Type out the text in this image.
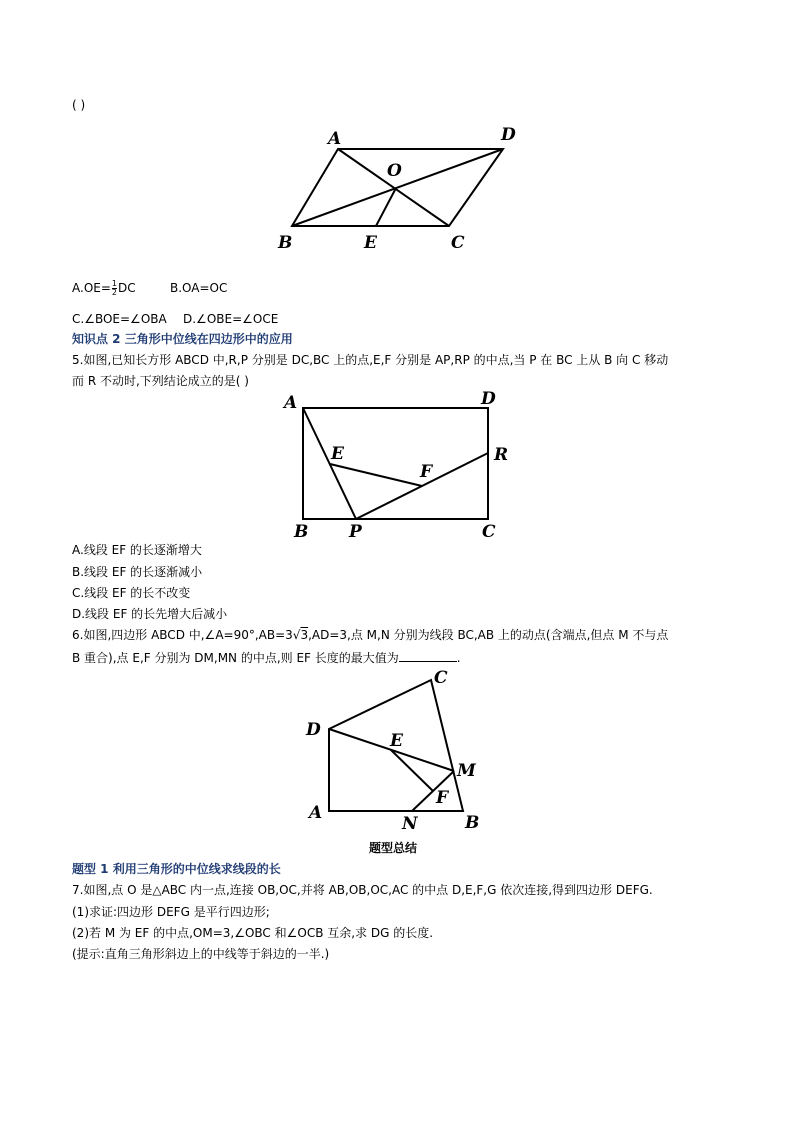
( )
A	D
O
B	E	C
$A.OE= \frac{1}{2}$ DC	B.OA=OC
C.∠BOE=∠OBA D.∠OBE=∠OCE
知识点 2 三角形中位线在四边形中的应用
5.如图,已知长方形 ABCD 中,R,P 分别是 DC,BC 上的点,E,F 分别是 AP,RP 的中点,当 P 在 BC 上从 B 向 C 移动
而 R 不动时,下列结论成立的是( )
A	D
E
F
R
B P	C
A.线段 EF 的长逐渐增大
B.线段 EF 的长逐渐减小
C.线段 EF 的长不改变
D.线段 EF 的长先增大后减小
6.如图,四边形 ABCD 中,∠A=90°,AB=3√3,AD=3,点 M,N 分别为线段 BC,AB 上的动点(含端点,但点 M 不与点
B 重合),点 E,F 分别为 DM,MN 的中点,则 EF 长度的最大值为	.
D
C
E
M
F
A
N	B
题型总结
题型 1 利用三角形的中位线求线段的长
7.如图,点 O 是△ABC 内一点,连接 OB,OC,并将 AB,OB,OC,AC 的中点 D,E,F,G 依次连接,得到四边形 DEFG.
(1)求证:四边形 DEFG 是平行四边形;
(2)若 M 为 EF 的中点,OM=3,∠OBC 和∠OCB 互余,求 DG 的长度.
(提示:直角三角形斜边上的中线等于斜边的一半.)
